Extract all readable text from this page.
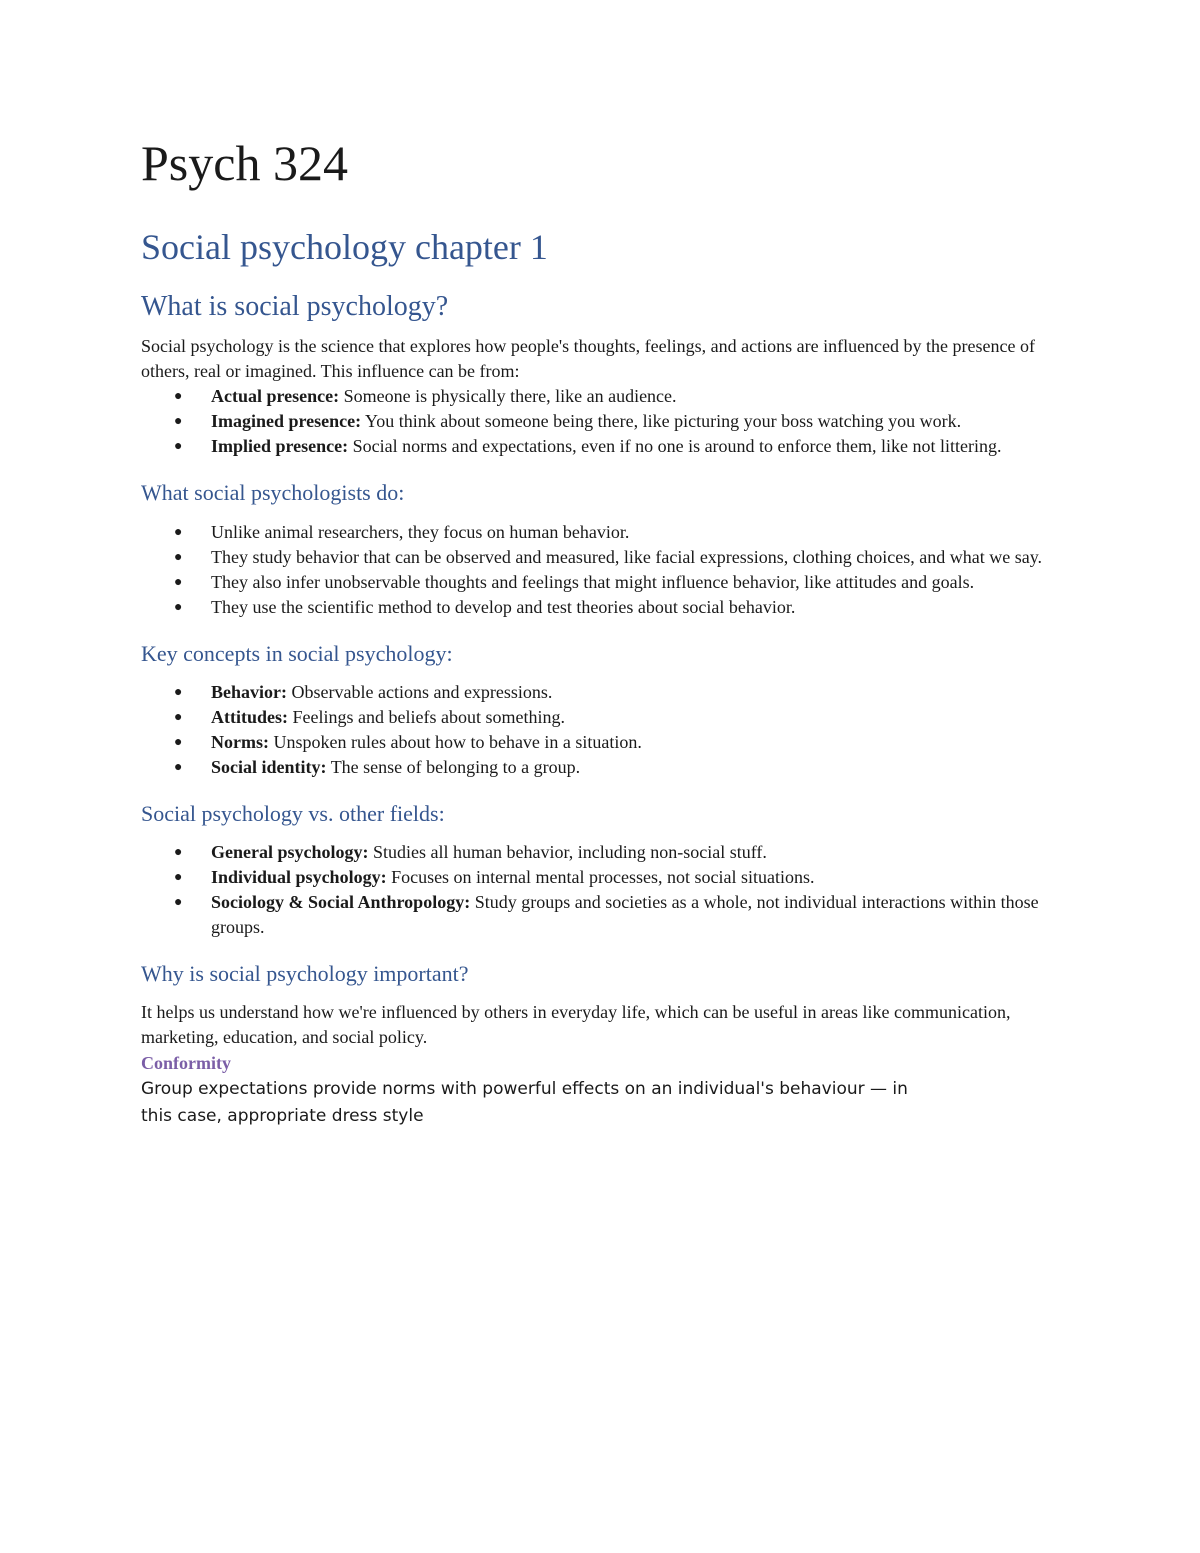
Psych 324
Social psychology chapter 1
What is social psychology?

Social psychology is the science that explores how people's thoughts, feelings, and actions are influenced by the presence of others, real or imagined. This influence can be from:

● Actual presence: Someone is physically there, like an audience.
● Imagined presence: You think about someone being there, like picturing your boss watching you work.
● Implied presence: Social norms and expectations, even if no one is around to enforce them, like not littering.
What social psychologists do:
● Unlike animal researchers, they focus on human behavior.
● They study behavior that can be observed and measured, like facial expressions, clothing choices, and what we say.
● They also infer unobservable thoughts and feelings that might influence behavior, like attitudes and goals.
● They use the scientific method to develop and test theories about social behavior.
Key concepts in social psychology:
● Behavior: Observable actions and expressions.
● Attitudes: Feelings and beliefs about something.
● Norms: Unspoken rules about how to behave in a situation.
● Social identity: The sense of belonging to a group.
Social psychology vs. other fields:
● General psychology: Studies all human behavior, including non-social stuff.
● Individual psychology: Focuses on internal mental processes, not social situations.
● Sociology & Social Anthropology: Study groups and societies as a whole, not individual interactions within those groups.
Why is social psychology important?

It helps us understand how we're influenced by others in everyday life, which can be useful in areas like communication, marketing, education, and social policy.

Conformity
Group expectations provide norms with powerful effects on an individual's behaviour — in
this case, appropriate dress style
